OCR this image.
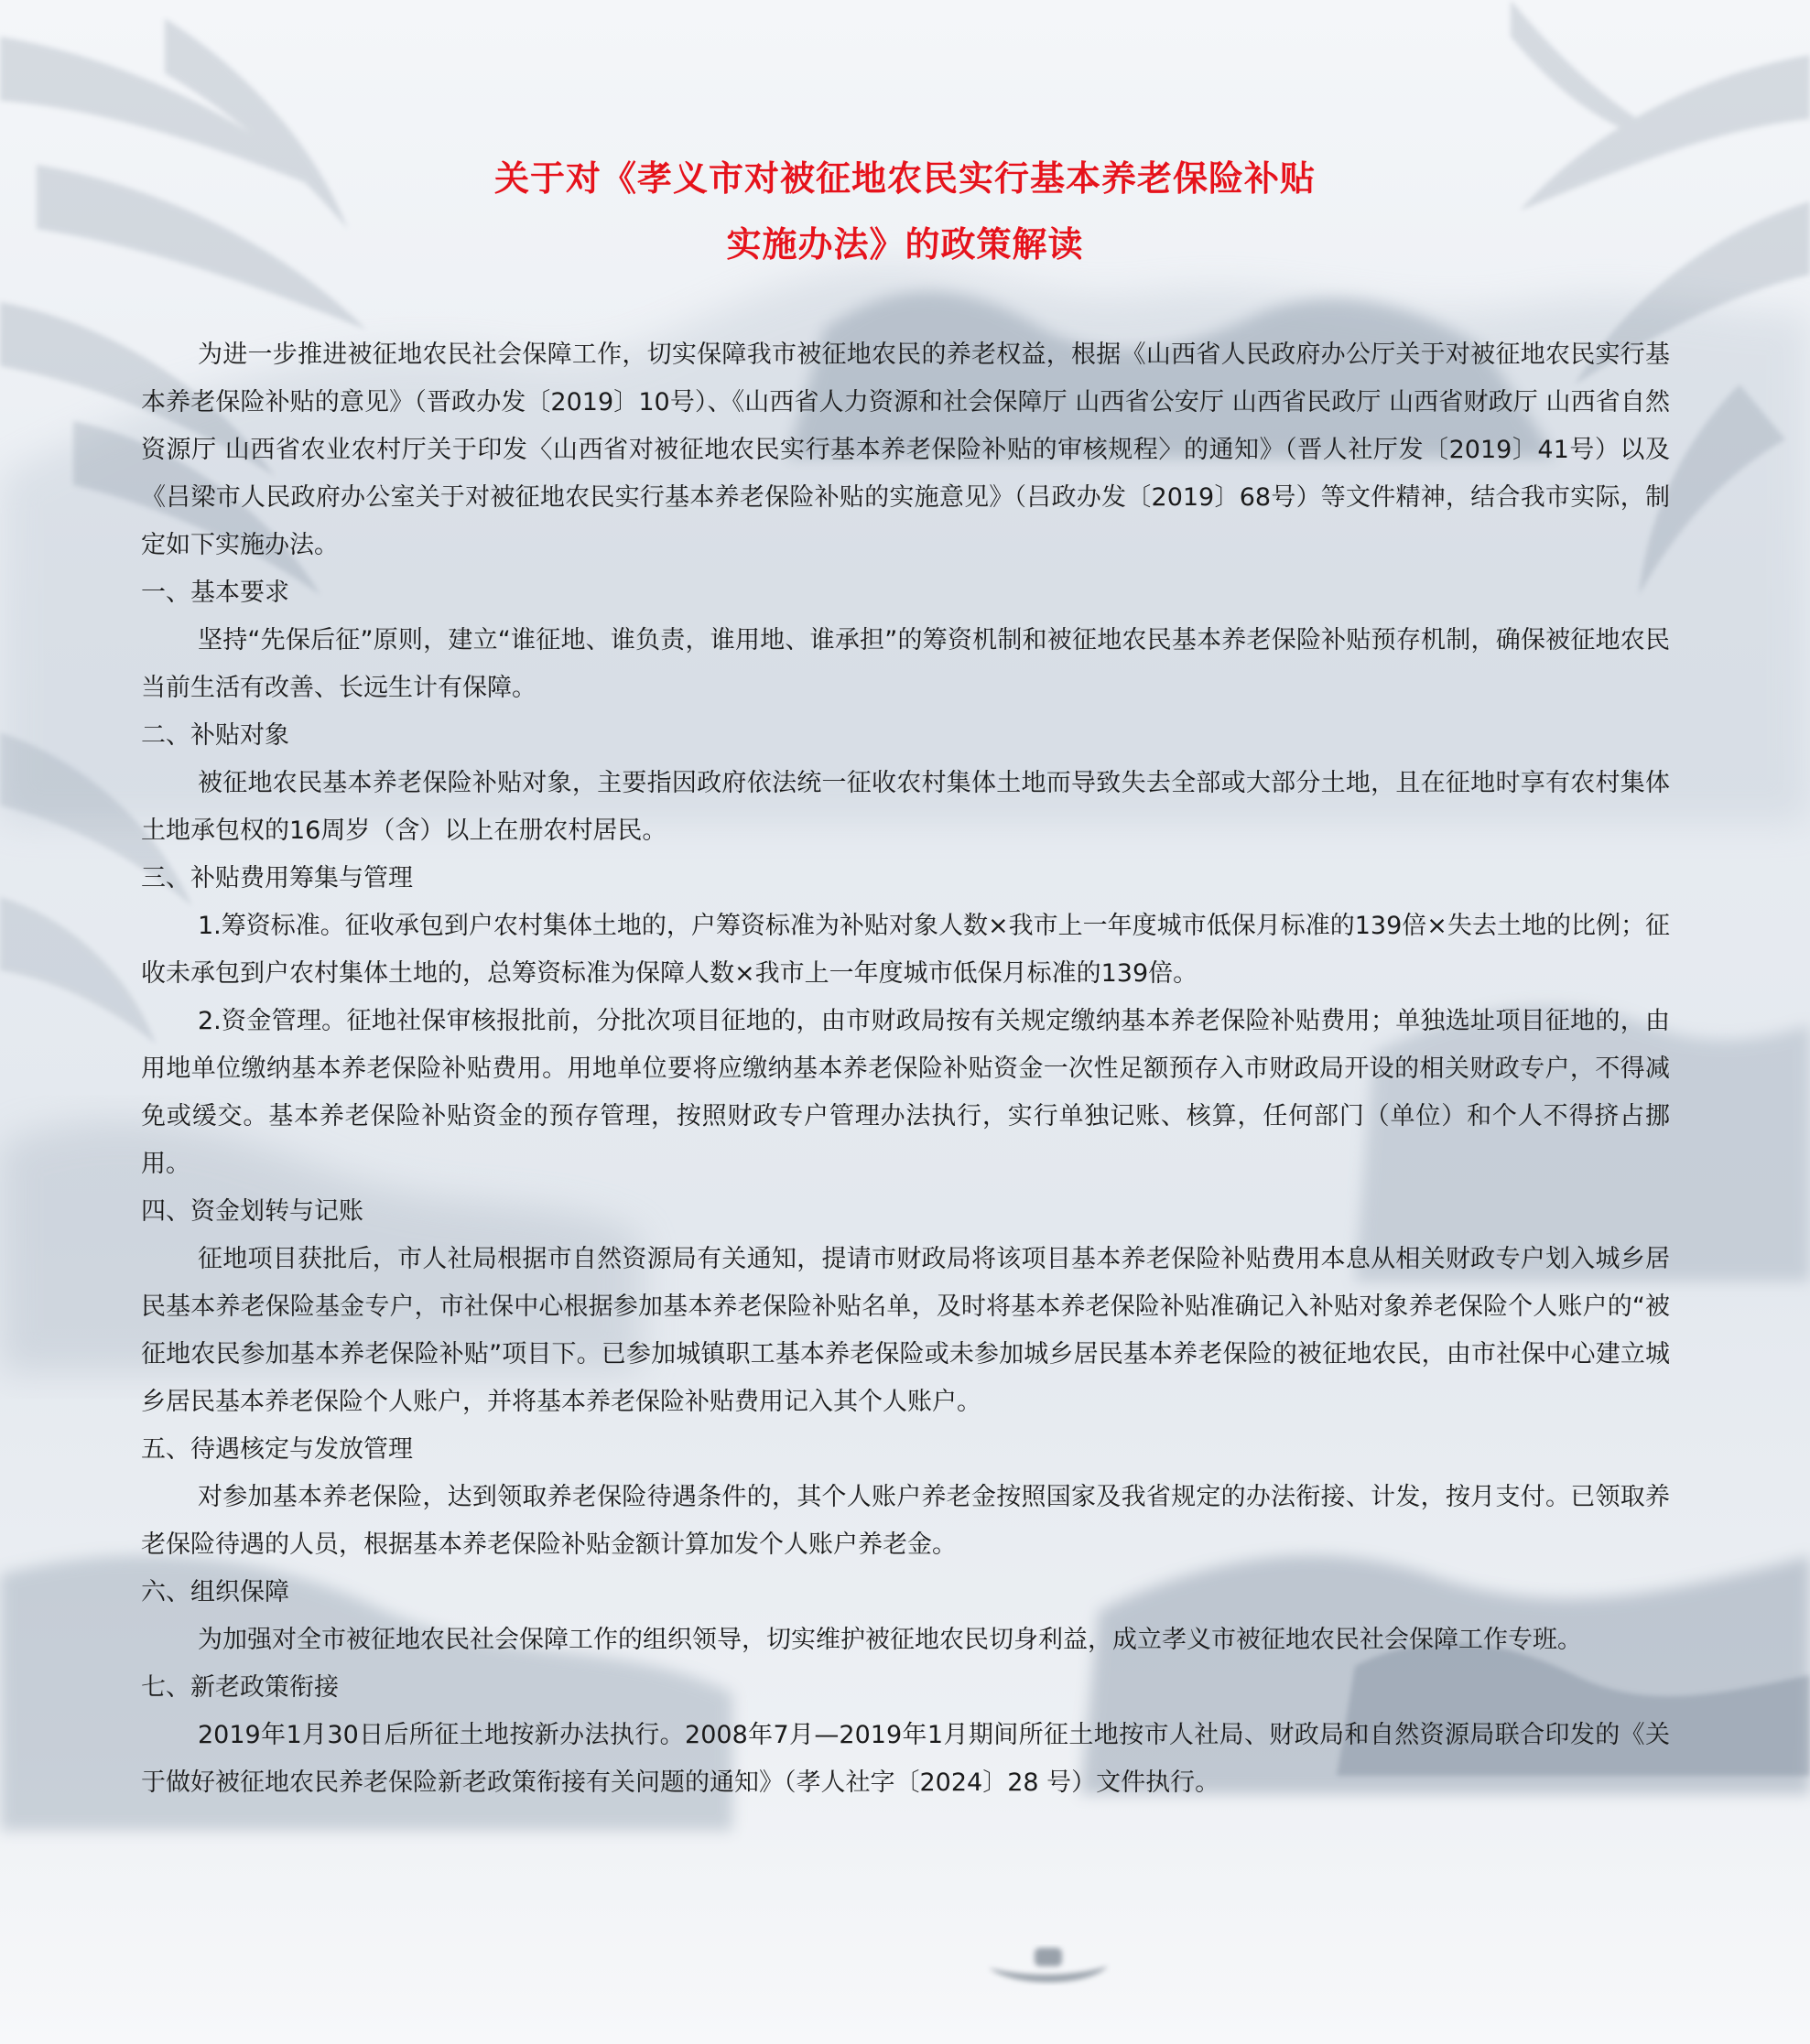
关于对《孝义市对被征地农民实行基本养老保险补贴
实施办法》的政策解读

为进一步推进被征地农民社会保障工作，切实保障我市被征地农民的养老权益，根据《山西省人民政府办公厅关于对被征地农民实行基本养老保险补贴的意见》（晋政办发〔2019〕10号）、《山西省人力资源和社会保障厅 山西省公安厅 山西省民政厅 山西省财政厅 山西省自然资源厅 山西省农业农村厅关于印发〈山西省对被征地农民实行基本养老保险补贴的审核规程〉的通知》（晋人社厅发〔2019〕41号）以及《吕梁市人民政府办公室关于对被征地农民实行基本养老保险补贴的实施意见》（吕政办发〔2019〕68号）等文件精神，结合我市实际，制定如下实施办法。

一、基本要求

坚持“先保后征”原则，建立“谁征地、谁负责，谁用地、谁承担”的筹资机制和被征地农民基本养老保险补贴预存机制，确保被征地农民当前生活有改善、长远生计有保障。

二、补贴对象

被征地农民基本养老保险补贴对象，主要指因政府依法统一征收农村集体土地而导致失去全部或大部分土地，且在征地时享有农村集体土地承包权的16周岁（含）以上在册农村居民。

三、补贴费用筹集与管理

1.筹资标准。征收承包到户农村集体土地的，户筹资标准为补贴对象人数×我市上一年度城市低保月标准的139倍×失去土地的比例；征收未承包到户农村集体土地的，总筹资标准为保障人数×我市上一年度城市低保月标准的139倍。

2.资金管理。征地社保审核报批前，分批次项目征地的，由市财政局按有关规定缴纳基本养老保险补贴费用；单独选址项目征地的，由用地单位缴纳基本养老保险补贴费用。用地单位要将应缴纳基本养老保险补贴资金一次性足额预存入市财政局开设的相关财政专户，不得减免或缓交。基本养老保险补贴资金的预存管理，按照财政专户管理办法执行，实行单独记账、核算，任何部门（单位）和个人不得挤占挪用。

四、资金划转与记账

征地项目获批后，市人社局根据市自然资源局有关通知，提请市财政局将该项目基本养老保险补贴费用本息从相关财政专户划入城乡居民基本养老保险基金专户，市社保中心根据参加基本养老保险补贴名单，及时将基本养老保险补贴准确记入补贴对象养老保险个人账户的“被征地农民参加基本养老保险补贴”项目下。已参加城镇职工基本养老保险或未参加城乡居民基本养老保险的被征地农民，由市社保中心建立城乡居民基本养老保险个人账户，并将基本养老保险补贴费用记入其个人账户。

五、待遇核定与发放管理

对参加基本养老保险，达到领取养老保险待遇条件的，其个人账户养老金按照国家及我省规定的办法衔接、计发，按月支付。已领取养老保险待遇的人员，根据基本养老保险补贴金额计算加发个人账户养老金。

六、组织保障

为加强对全市被征地农民社会保障工作的组织领导，切实维护被征地农民切身利益，成立孝义市被征地农民社会保障工作专班。

七、新老政策衔接

2019年1月30日后所征土地按新办法执行。2008年7月—2019年1月期间所征土地按市人社局、财政局和自然资源局联合印发的《关于做好被征地农民养老保险新老政策衔接有关问题的通知》（孝人社字〔2024〕28 号）文件执行。
